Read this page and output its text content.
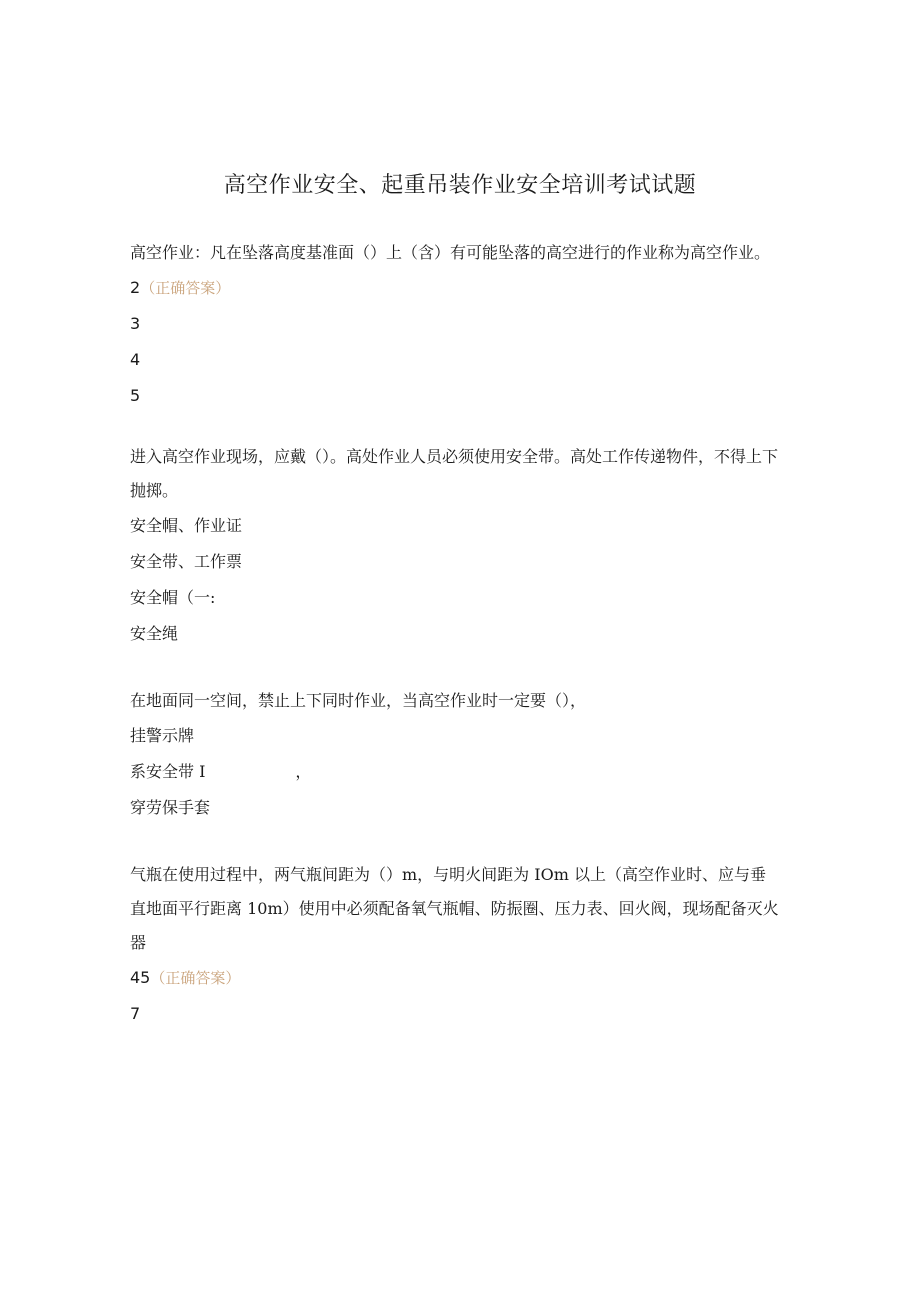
高空作业安全、起重吊装作业安全培训考试试题
高空作业：凡在坠落高度基准面（）上（含）有可能坠落的高空进行的作业称为高空作业。
2（正确答案）
3
4
5
进入高空作业现场，应戴（）。高处作业人员必须使用安全带。高处工作传递物件，不得上下抛掷。
安全帽、作业证
安全带、工作票
安全帽（一:
安全绳
在地面同一空间，禁止上下同时作业，当高空作业时一定要（），
挂警示牌
系安全带 I	，
穿劳保手套
气瓶在使用过程中，两气瓶间距为（）m，与明火间距为 IOm 以上（高空作业时、应与垂直地面平行距离 10m）使用中必须配备氧气瓶帽、防振圈、压力表、回火阀，现场配备灭火器
45（正确答案）
7
